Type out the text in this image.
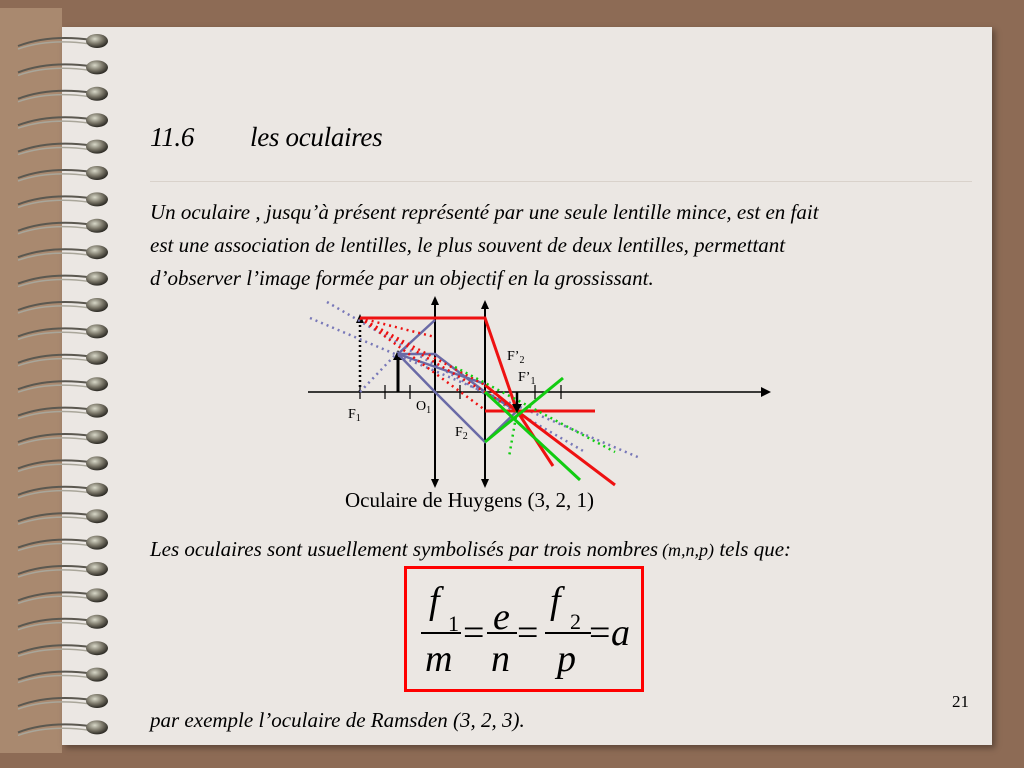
11.6 les oculaires
Un oculaire , jusqu’à présent représenté par une seule lentille mince, est en fait
est une association de lentilles, le plus souvent de deux lentilles, permettant
d’observer l’image formée par un objectif en la grossissant.
$F_1$
$O_1$
$F_2$
$F’_2$
$F’_1$
Oculaire de Huygens (3, 2, 1)
Les oculaires sont usuellement symbolisés par trois nombres (m,n,p) tels que:
f
1
m
= e
n
=
f 2
p
= a
21
par exemple l’oculaire de Ramsden (3, 2, 3).
